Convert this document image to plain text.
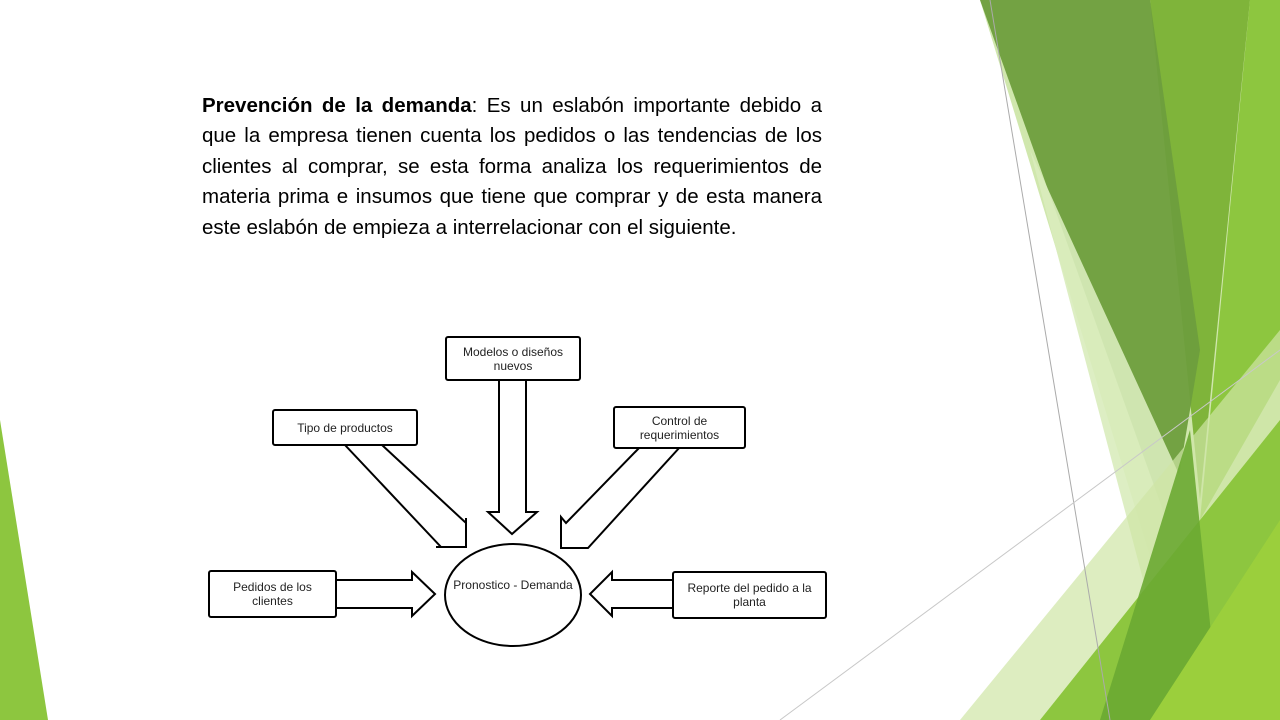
Prevención de la demanda: Es un eslabón importante debido a que la empresa tienen cuenta los pedidos o las tendencias de los clientes al comprar, se esta forma analiza los requerimientos de materia prima e insumos que tiene que comprar y de esta manera este eslabón de empieza a interrelacionar con el siguiente.

Pronostico - Demanda
Modelos o diseños nuevos
Tipo de productos	Control de requerimientos
Pedidos de los clientes
Reporte del pedido a la planta
